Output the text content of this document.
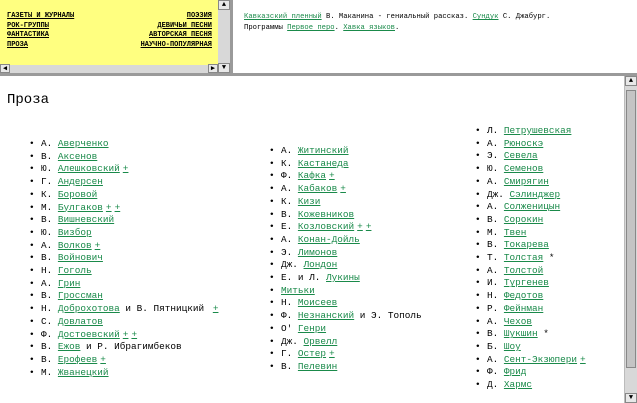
ГАЗЕТЫ И ЖУРНАЛЫ	ПОЭЗИЯ
РОК-ГРУППЫ	ДЕВИЧЬИ ПЕСНИ
ФАНТАСТИКА	АВТОРСКАЯ ПЕСНЯ
ПРОЗА	НАУЧНО-ПОПУЛЯРНАЯ
▲
▼
◀	▶
Кавказский пленный В. Маканина - гениальный рассказ. Сундук С. Джабург.
Программы Первое перо. Хавка языков.
Проза
• А. Аверченко
• В. Аксенов
• Ю. Алешковский +
• Г. Андерсен
• К. Боровой
• М. Булгаков + +
• В. Вишневский
• Ю. Визбор
• А. Волков +
• В. Войнович
• Н. Гоголь
• А. Грин
• В. Гроссман
• Н. Доброхотова и В. Пятницкий +
• С. Довлатов
• Ф. Достоевский + +
• В. Ежов и Р. Ибрагимбеков
• В. Ерофеев +
• М. Жванецкий
• А. Житинский
• К. Кастанеда
• Ф. Кафка +
• А. Кабаков +
• К. Кизи
• В. Кожевников
• Е. Козловский + +
• А. Конан-Дойль
• Э. Лимонов
• Дж. Лондон
• Е. и Л. Лукины
• Митьки
• Н. Моисеев
• Ф. Незнанский и Э. Тополь
• О' Генри
• Дж. Орвелл
• Г. Остер +
• В. Пелевин
• Л. Петрушевская
• А. Рюноскэ
• Э. Севела
• Ю. Семенов
• А. Смирягин
• Дж. Сэлинджер
• А. Солженицын
• В. Сорокин
• М. Твен
• В. Токарева
• Т. Толстая *
• А. Толстой
• И. Тургенев
• Н. Федотов
• Р. Фейнман
• А. Чехов
• В. Шукшин *
• Б. Шоу
• А. Сент-Экзюпери +
• Ф. Фрид
• Д. Хармс
▲
▼
